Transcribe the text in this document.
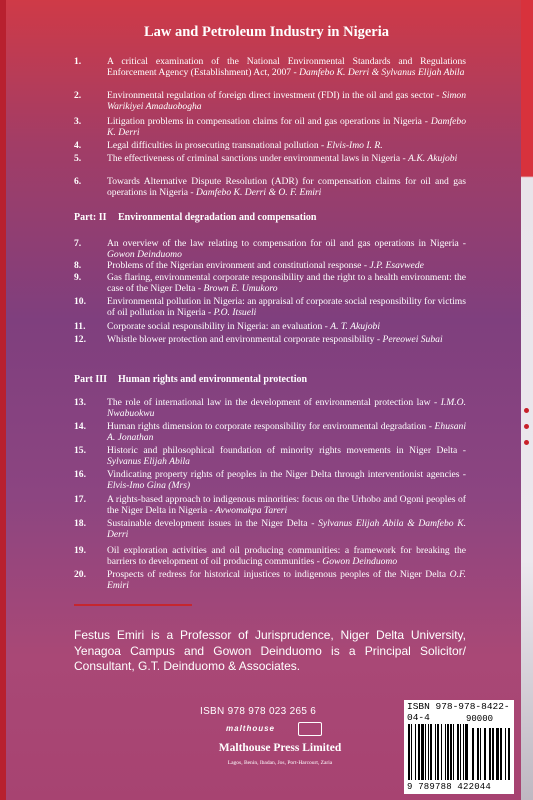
Law and Petroleum Industry in Nigeria
1.	A critical examination of the National Environmental Standards and Regulations Enforcement Agency (Establishment) Act, 2007 - Damfebo K. Derri & Sylvanus Elijah Abila
2.	Environmental regulation of foreign direct investment (FDI) in the oil and gas sector - Simon Warikiyei Amaduobogha
3.	Litigation problems in compensation claims for oil and gas operations in Nigeria - Damfebo K. Derri
4.	Legal difficulties in prosecuting transnational pollution - Elvis-Imo I. R.
5.	The effectiveness of criminal sanctions under environmental laws in Nigeria - A.K. Akujobi
6.	Towards Alternative Dispute Resolution (ADR) for compensation claims for oil and gas operations in Nigeria - Damfebo K. Derri & O. F. Emiri
Part: II Environmental degradation and compensation
7.	An overview of the law relating to compensation for oil and gas operations in Nigeria - Gowon Deinduomo
8.	Problems of the Nigerian environment and constitutional response - J.P. Esavwede
9.	Gas flaring, environmental corporate responsibility and the right to a health environment: the case of the Niger Delta - Brown E. Umukoro
10.	Environmental pollution in Nigeria: an appraisal of corporate social responsibility for victims of oil pollution in Nigeria - P.O. Itsueli
11.	Corporate social responsibility in Nigeria: an evaluation - A. T. Akujobi
12.	Whistle blower protection and environmental corporate responsibility - Pereowei Subai
Part III Human rights and environmental protection
13.	The role of international law in the development of environmental protection law - I.M.O. Nwabuokwu
14.	Human rights dimension to corporate responsibility for environmental degradation - Ehusani A. Jonathan
15.	Historic and philosophical foundation of minority rights movements in Niger Delta - Sylvanus Elijah Abila
16.	Vindicating property rights of peoples in the Niger Delta through interventionist agencies - Elvis-Imo Gina (Mrs)
17.	A rights-based approach to indigenous minorities: focus on the Urhobo and Ogoni peoples of the Niger Delta in Nigeria - Avwomakpa Tareri
18.	Sustainable development issues in the Niger Delta - Sylvanus Elijah Abila & Damfebo K. Derri
19.	Oil exploration activities and oil producing communities: a framework for breaking the barriers to development of oil producing communities - Gowon Deinduomo
20.	Prospects of redress for historical injustices to indigenous peoples of the Niger Delta O.F. Emiri
Festus Emiri is a Professor of Jurisprudence, Niger Delta University, Yenagoa Campus and Gowon Deinduomo is a Principal Solicitor/ Consultant, G.T. Deinduomo & Associates.
ISBN 978 978 023 265 6
malthouse
Malthouse Press Limited
Lagos, Benin, Ibadan, Jos, Port-Harcourt, Zaria
ISBN 978-978-8422-04-4	90000
9 789788 422044
